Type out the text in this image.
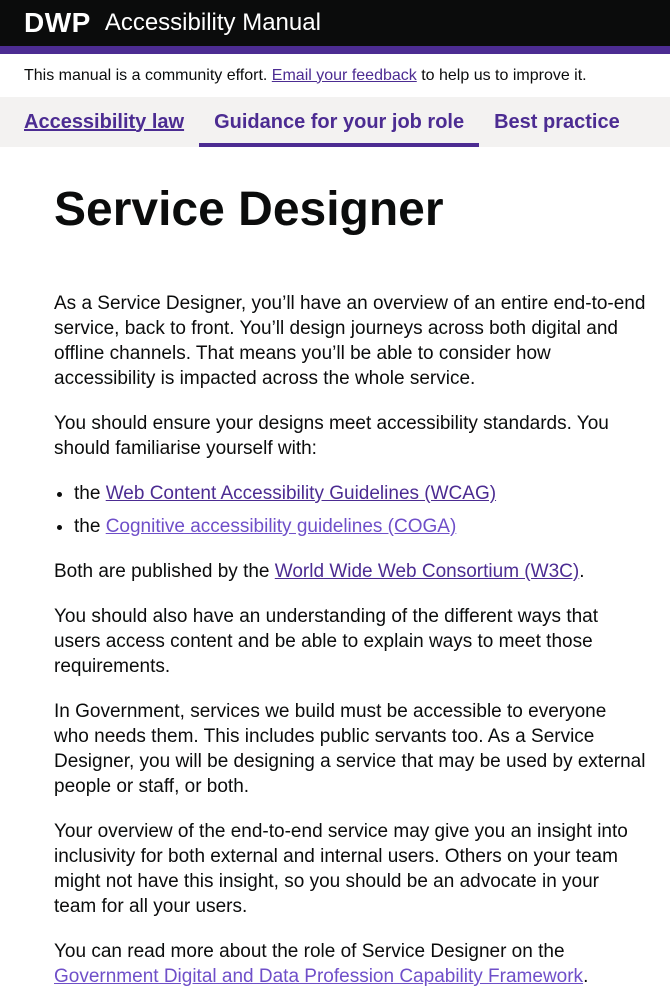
DWP Accessibility Manual
This manual is a community effort. Email your feedback to help us to improve it.
Accessibility law	Guidance for your job role	Best practice
Service Designer

As a Service Designer, you’ll have an overview of an entire end-to-end service, back to front. You’ll design journeys across both digital and offline channels. That means you’ll be able to consider how accessibility is impacted across the whole service.

You should ensure your designs meet accessibility standards. You should familiarise yourself with:

• the Web Content Accessibility Guidelines (WCAG)
• the Cognitive accessibility guidelines (COGA)

Both are published by the World Wide Web Consortium (W3C).

You should also have an understanding of the different ways that users access content and be able to explain ways to meet those requirements.

In Government, services we build must be accessible to everyone who needs them. This includes public servants too. As a Service Designer, you will be designing a service that may be used by external people or staff, or both.

Your overview of the end-to-end service may give you an insight into inclusivity for both external and internal users. Others on your team might not have this insight, so you should be an advocate in your team for all your users.

You can read more about the role of Service Designer on the Government Digital and Data Profession Capability Framework.
